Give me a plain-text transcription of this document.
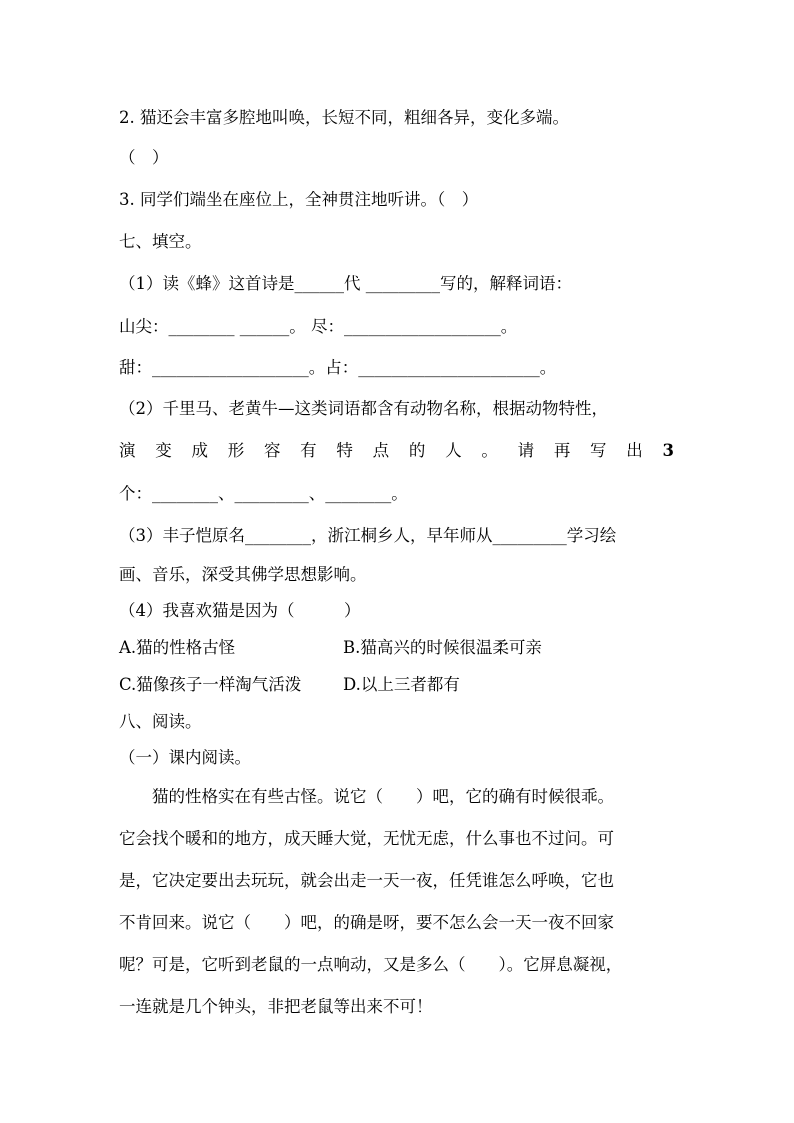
2. 猫还会丰富多腔地叫唤，长短不同，粗细各异，变化多端。
（　）
3. 同学们端坐在座位上，全神贯注地听讲。（　）
七、填空。
（1）读《蜂》这首诗是______代 _________写的，解释词语：
山尖：________ ______。 尽：___________________。
甜：___________________。占：______________________。
（2）千里马、老黄牛—这类词语都含有动物名称，根据动物特性，
演 变 成 形 容 有 特 点 的 人 。 请 再 写 出 3
个：________、_________、________。
（3）丰子恺原名________，浙江桐乡人，早年师从_________学习绘
画、音乐，深受其佛学思想影响。
（4）我喜欢猫是因为（　　　）
A.猫的性格古怪	B.猫高兴的时候很温柔可亲
C.猫像孩子一样淘气活泼	D.以上三者都有
八、阅读。
（一）课内阅读。

　　猫的性格实在有些古怪。说它（　　）吧，它的确有时候很乖。

它会找个暖和的地方，成天睡大觉，无忧无虑，什么事也不过问。可

是，它决定要出去玩玩，就会出走一天一夜，任凭谁怎么呼唤，它也

不肯回来。说它（　　）吧，的确是呀，要不怎么会一天一夜不回家

呢？可是，它听到老鼠的一点响动，又是多么（　　）。它屏息凝视，

一连就是几个钟头，非把老鼠等出来不可！
